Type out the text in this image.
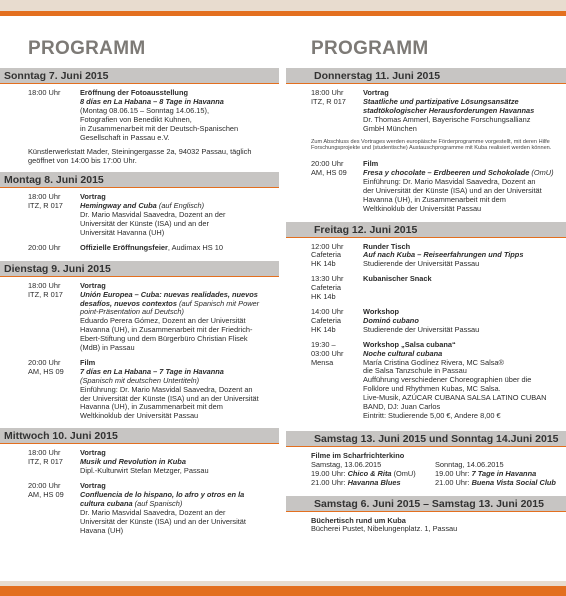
PROGRAMM
Sonntag 7. Juni 2015
18:00 Uhr	Eröffnung der Fotoausstellung
8 días en La Habana – 8 Tage in Havanna
(Montag 08.06.15 – Sonntag 14.06.15),
Fotografien von Benedikt Kuhnen,
in Zusammenarbeit mit der Deutsch-Spanischen
Gesellschaft in Passau e.V.
Künstlerwerkstatt Mader, Steiningergasse 2a, 94032 Passau, täglich
geöffnet von 14:00 bis 17:00 Uhr.
Montag 8. Juni 2015
18:00 Uhr
ITZ, R 017
Vortrag
Hemingway and Cuba (auf Englisch)
Dr. Mario Masvidal Saavedra, Dozent an der
Universität der Künste (ISA) und an der
Universität Havanna (UH)
20:00 Uhr	Offizielle Eröffnungsfeier, Audimax HS 10
Dienstag 9. Juni 2015
18:00 Uhr
ITZ, R 017
Vortrag
Unión Europea – Cuba: nuevas realidades, nuevos
desafíos, nuevos contextos (auf Spanisch mit Power
point-Präsentation auf Deutsch)
Eduardo Perera Gómez, Dozent an der Universität
Havanna (UH), in Zusammenarbeit mit der Friedrich-
Ebert-Stiftung und dem Bürgerbüro Christian Flisek
(MdB) in Passau
20:00 Uhr
AM, HS 09
Film
7 días en La Habana – 7 Tage in Havanna
(Spanisch mit deutschen Untertiteln)
Einführung: Dr. Mario Masvidal Saavedra, Dozent an
der Universität der Künste (ISA) und an der Universität
Havanna (UH), in Zusammenarbeit mit dem
Weltkinoklub der Universität Passau
Mittwoch 10. Juni 2015
18:00 Uhr
ITZ, R 017
Vortrag
Musik und Revolution in Kuba
Dipl.-Kulturwirt Stefan Metzger, Passau
20:00 Uhr
AM, HS 09
Vortrag
Confluencia de lo hispano, lo afro y otros en la
cultura cubana (auf Spanisch)
Dr. Mario Masvidal Saavedra, Dozent an der
Universität der Künste (ISA) und an der Universität
Havana (UH)
PROGRAMM
Donnerstag 11. Juni 2015
18:00 Uhr
ITZ, R 017
Vortrag
Staatliche und partizipative Lösungsansätze
stadtökologischer Herausforderungen Havannas
Dr. Thomas Ammerl, Bayerische Forschungsallianz
GmbH München
Zum Abschluss des Vortrages werden europäische Förderprogramme vorgestellt, mit deren Hilfe
Forschungsprojekte und (studentische) Austauschprogramme mit Kuba realisiert werden können.
20:00 Uhr
AM, HS 09
Film
Fresa y chocolate – Erdbeeren und Schokolade (OmU)
Einführung: Dr. Mario Masvidal Saavedra, Dozent an
der Universität der Künste (ISA) und an der Universität
Havanna (UH), in Zusammenarbeit mit dem
Weltkinoklub der Universität Passau
Freitag 12. Juni 2015
12:00 Uhr
Cafeteria
HK 14b
Runder Tisch
Auf nach Kuba – Reiseerfahrungen und Tipps
Studierende der Universität Passau
13:30 Uhr
Cafeteria
HK 14b
Kubanischer Snack
14:00 Uhr
Cafeteria
HK 14b
Workshop
Dominó cubano
Studierende der Universität Passau
19:30 –
03:00 Uhr
Mensa
Workshop „Salsa cubana“
Noche cultural cubana
María Cristina Godínez Rivera, MC Salsa®
die Salsa Tanzschule in Passau
Aufführung verschiedener Choreographien über die
Folklore und Rhythmen Kubas, MC Salsa.
Live-Musik, AZÚCAR CUBANA SALSA LATINO CUBAN
BAND, DJ: Juan Carlos
Eintritt: Studierende 5,00 €, Andere 8,00 €
Samstag 13. Juni 2015 und Sonntag 14.Juni 2015
Filme im Scharfrichterkino
Samstag, 13.06.2015
19.00 Uhr: Chico & Rita (OmU)
21.00 Uhr: Havanna Blues
Sonntag, 14.06.2015
19.00 Uhr: 7 Tage in Havanna
21.00 Uhr: Buena Vista Social Club
Samstag 6. Juni 2015 – Samstag 13. Juni 2015
Büchertisch rund um Kuba
Bücherei Pustet, Nibelungenplatz. 1, Passau
